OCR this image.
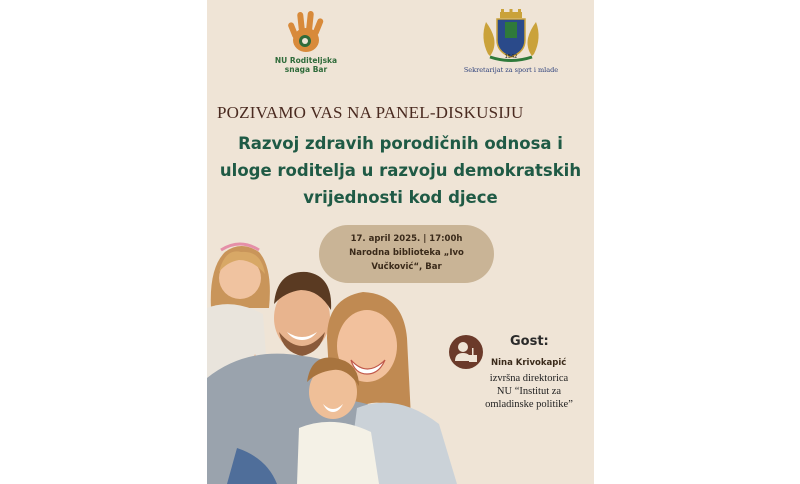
NU Roditeljska
snaga Bar
1542
Sekretarijat za sport i mlade
POZIVAMO VAS NA PANEL-DISKUSIJU
Razvoj zdravih porodičnih odnosa i
uloge roditelja u razvoju demokratskih
vrijednosti kod djece
17. april 2025. | 17:00h
Narodna biblioteka „Ivo
Vučković“, Bar
Gost:
Nina Krivokapić
izvršna direktorica
NU “Institut za
omladinske politike”
